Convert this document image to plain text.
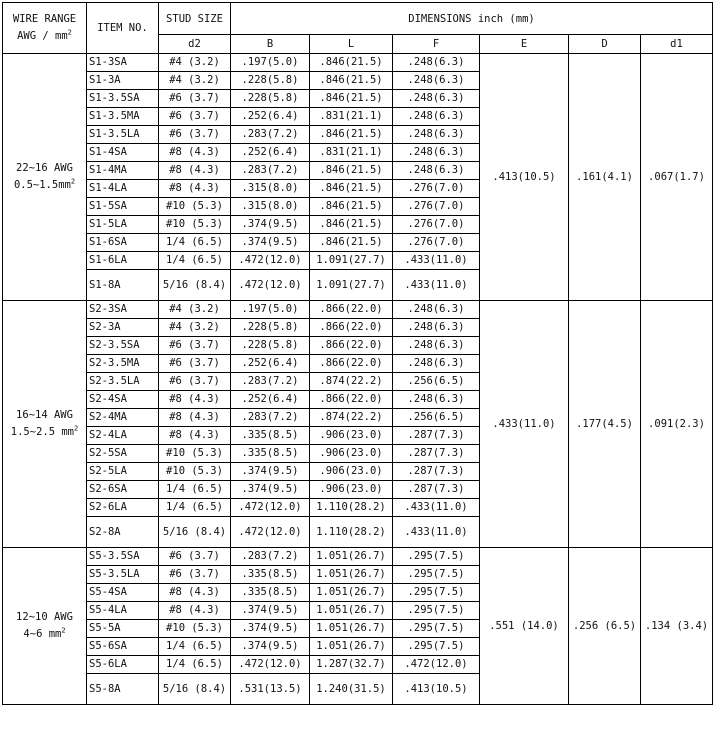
WIRE RANGE
AWG / $mm^2$	ITEM NO.	STUD SIZE	DIMENSIONS inch (mm)					
		d2	B	L	F	E	D	d1
22~16 AWG
$0.5\sim 1.5mm^2$	S1-3SA	#4 (3.2)	.197(5.0)	.846(21.5)	.248(6.3)	.413(10.5)	.161(4.1)	.067(1.7)
	S1-3A	#4 (3.2)	.228(5.8)	.846(21.5)	.248(6.3)			
	S1-3.5SA	#6 (3.7)	.228(5.8)	.846(21.5)	.248(6.3)			
	S1-3.5MA	#6 (3.7)	.252(6.4)	.831(21.1)	.248(6.3)			
	S1-3.5LA	#6 (3.7)	.283(7.2)	.846(21.5)	.248(6.3)			
	S1-4SA	#8 (4.3)	.252(6.4)	.831(21.1)	.248(6.3)			
	S1-4MA	#8 (4.3)	.283(7.2)	.846(21.5)	.248(6.3)			
	S1-4LA	#8 (4.3)	.315(8.0)	.846(21.5)	.276(7.0)			
	S1-5SA	#10 (5.3)	.315(8.0)	.846(21.5)	.276(7.0)			
	S1-5LA	#10 (5.3)	.374(9.5)	.846(21.5)	.276(7.0)			
	S1-6SA	1/4 (6.5)	.374(9.5)	.846(21.5)	.276(7.0)			
	S1-6LA	1/4 (6.5)	.472(12.0)	1.091(27.7)	.433(11.0)			
	S1-8A	5/16 (8.4)	.472(12.0)	1.091(27.7)	.433(11.0)			
16~14 AWG
1.5~2.5 $mm^2$	S2-3SA	#4 (3.2)	.197(5.0)	.866(22.0)	.248(6.3)	.433(11.0)	.177(4.5)	.091(2.3)
	S2-3A	#4 (3.2)	.228(5.8)	.866(22.0)	.248(6.3)			
	S2-3.5SA	#6 (3.7)	.228(5.8)	.866(22.0)	.248(6.3)			
	S2-3.5MA	#6 (3.7)	.252(6.4)	.866(22.0)	.248(6.3)			
	S2-3.5LA	#6 (3.7)	.283(7.2)	.874(22.2)	.256(6.5)			
	S2-4SA	#8 (4.3)	.252(6.4)	.866(22.0)	.248(6.3)			
	S2-4MA	#8 (4.3)	.283(7.2)	.874(22.2)	.256(6.5)			
	S2-4LA	#8 (4.3)	.335(8.5)	.906(23.0)	.287(7.3)			
	S2-5SA	#10 (5.3)	.335(8.5)	.906(23.0)	.287(7.3)			
	S2-5LA	#10 (5.3)	.374(9.5)	.906(23.0)	.287(7.3)			
	S2-6SA	1/4 (6.5)	.374(9.5)	.906(23.0)	.287(7.3)			
	S2-6LA	1/4 (6.5)	.472(12.0)	1.110(28.2)	.433(11.0)			
	S2-8A	5/16 (8.4)	.472(12.0)	1.110(28.2)	.433(11.0)			
12~10 AWG
4~6 $mm^2$	S5-3.5SA	#6 (3.7)	.283(7.2)	1.051(26.7)	.295(7.5)	.551 (14.0)	.256 (6.5)	.134 (3.4)
	S5-3.5LA	#6 (3.7)	.335(8.5)	1.051(26.7)	.295(7.5)			
	S5-4SA	#8 (4.3)	.335(8.5)	1.051(26.7)	.295(7.5)			
	S5-4LA	#8 (4.3)	.374(9.5)	1.051(26.7)	.295(7.5)			
	S5-5A	#10 (5.3)	.374(9.5)	1.051(26.7)	.295(7.5)			
	S5-6SA	1/4 (6.5)	.374(9.5)	1.051(26.7)	.295(7.5)			
	S5-6LA	1/4 (6.5)	.472(12.0)	1.287(32.7)	.472(12.0)			
	S5-8A	5/16 (8.4)	.531(13.5)	1.240(31.5)	.413(10.5)			
